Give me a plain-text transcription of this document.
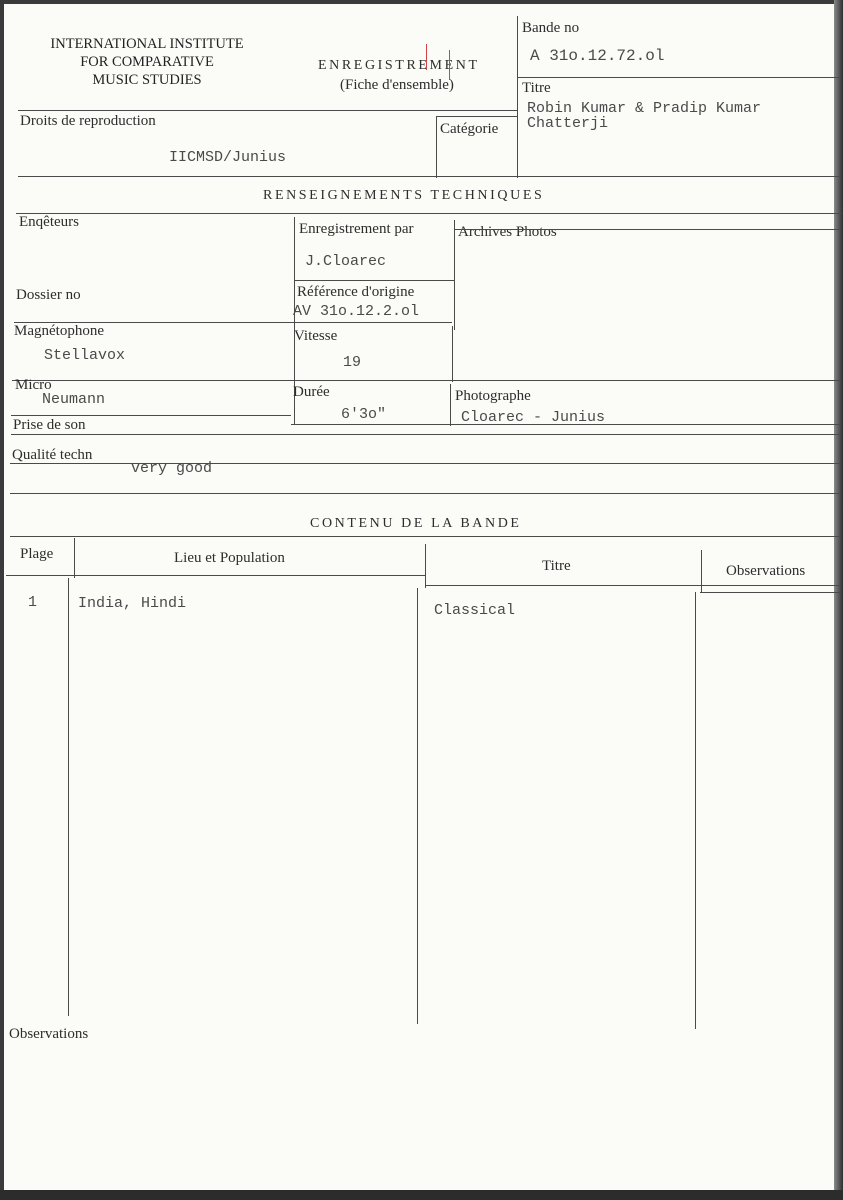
INTERNATIONAL INSTITUTE
FOR COMPARATIVE
MUSIC STUDIES
ENREGISTREMENT
(Fiche d'ensemble)
Bande no
A 31o.12.72.ol
Titre
Robin Kumar & Pradip Kumar
Chatterji
Droits de reproduction
IICMSD/Junius
Catégorie
RENSEIGNEMENTS TECHNIQUES
Enqêteurs	Enregistrement par
J.Cloarec
Archives Photos
Dossier no	Référence d'origine
AV 31o.12.2.ol
Magnétophone
Stellavox
Vitesse
19
Micro
Neumann	Durée
6'3o"
Photographe
Cloarec - Junius
Prise de son
Qualité techn
very good
CONTENU DE LA BANDE
Plage	Lieu et Population	Titre	Observations
1	India, Hindi	Classical
Observations
